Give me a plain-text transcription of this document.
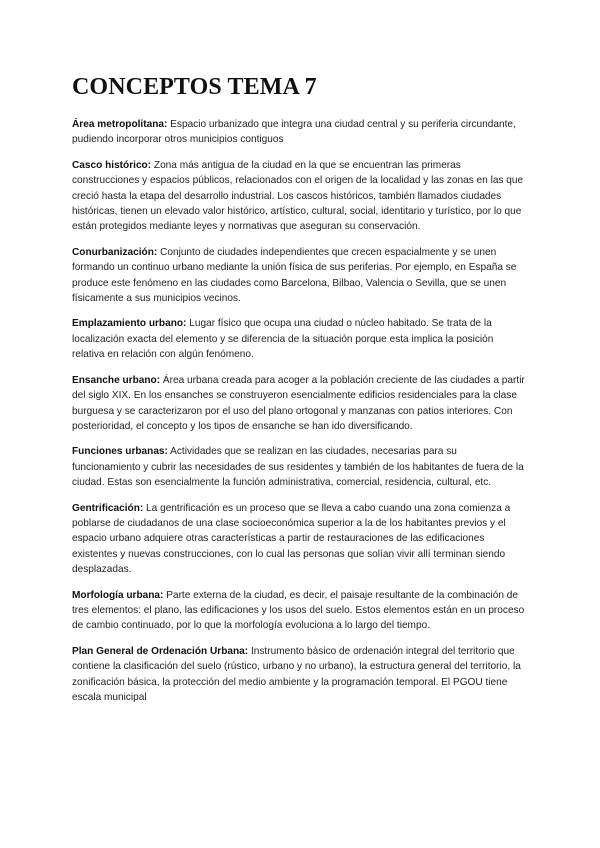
CONCEPTOS TEMA 7

Área metropolitana: Espacio urbanizado que integra una ciudad central y su periferia circundante, pudiendo incorporar otros municipios contiguos

Casco histórico: Zona más antigua de la ciudad en la que se encuentran las primeras construcciones y espacios públicos, relacionados con el origen de la localidad y las zonas en las que creció hasta la etapa del desarrollo industrial. Los cascos históricos, también llamados ciudades históricas, tienen un elevado valor histórico, artístico, cultural, social, identitario y turístico, por lo que están protegidos mediante leyes y normativas que aseguran su conservación.

Conurbanización: Conjunto de ciudades independientes que crecen espacialmente y se unen formando un continuo urbano mediante la unión física de sus periferias. Por ejemplo, en España se produce este fenómeno en las ciudades como Barcelona, Bilbao, Valencia o Sevilla, que se unen físicamente a sus municipios vecinos.

Emplazamiento urbano: Lugar físico que ocupa una ciudad o núcleo habitado. Se trata de la localización exacta del elemento y se diferencia de la situación porque esta implica la posición relativa en relación con algún fenómeno.

Ensanche urbano: Área urbana creada para acoger a la población creciente de las ciudades a partir del siglo XIX. En los ensanches se construyeron esencialmente edificios residenciales para la clase burguesa y se caracterizaron por el uso del plano ortogonal y manzanas con patios interiores. Con posterioridad, el concepto y los tipos de ensanche se han ido diversificando.

Funciones urbanas: Actividades que se realizan en las ciudades, necesarias para su funcionamiento y cubrir las necesidades de sus residentes y también de los habitantes de fuera de la ciudad. Estas son esencialmente la función administrativa, comercial, residencia, cultural, etc.

Gentrificación: La gentrificación es un proceso que se lleva a cabo cuando una zona comienza a poblarse de ciudadanos de una clase socioeconómica superior a la de los habitantes previos y el espacio urbano adquiere otras características a partir de restauraciones de las edificaciones existentes y nuevas construcciones, con lo cual las personas que solían vivir allí terminan siendo desplazadas.

Morfología urbana: Parte externa de la ciudad, es decir, el paisaje resultante de la combinación de tres elementos: el plano, las edificaciones y los usos del suelo. Estos elementos están en un proceso de cambio continuado, por lo que la morfología evoluciona a lo largo del tiempo.

Plan General de Ordenación Urbana: Instrumento básico de ordenación integral del territorio que contiene la clasificación del suelo (rústico, urbano y no urbano), la estructura general del territorio, la zonificación básica, la protección del medio ambiente y la programación temporal. El PGOU tiene escala municipal
